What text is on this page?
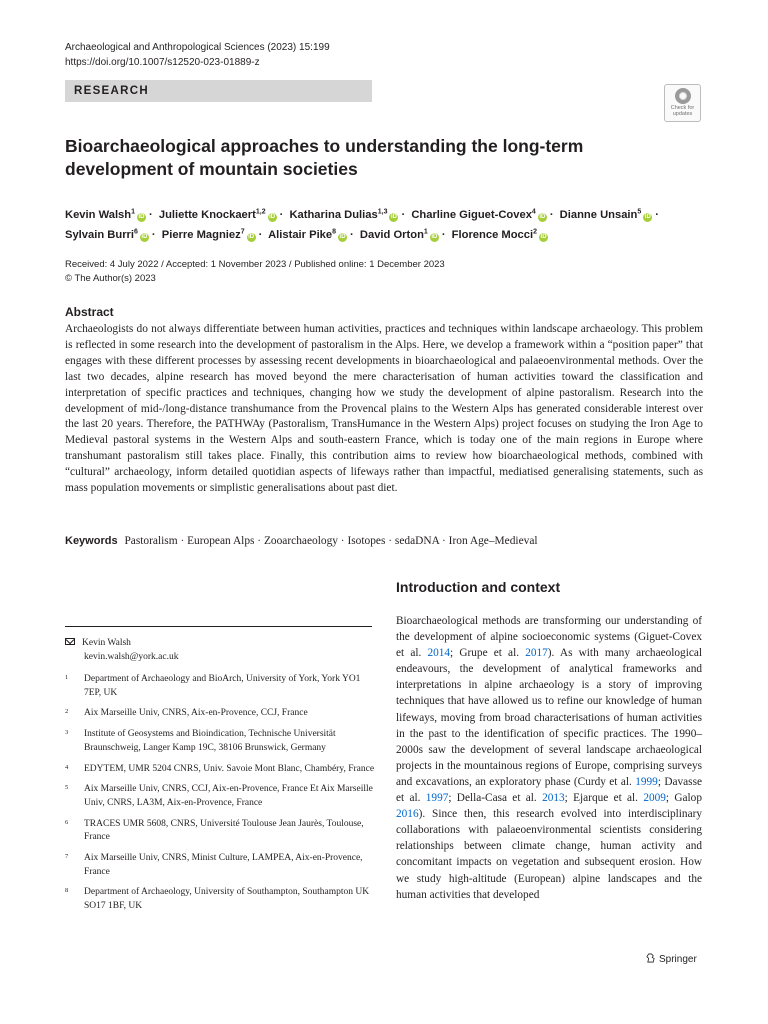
Archaeological and Anthropological Sciences (2023) 15:199
https://doi.org/10.1007/s12520-023-01889-z
RESEARCH
Check for
updates
Bioarchaeological approaches to understanding the long-term development of mountain societies
Kevin Walsh$^1$iD · Juliette Knockaert$^{1,2}$iD · Katharina Dulias$^{1,3}$iD · Charline Giguet-Covex$^4$iD · Dianne Unsain$^5$iD ·
Sylvain Burri$^6$iD · Pierre Magniez$^7$iD · Alistair Pike$^8$iD · David Orton$^1$iD · Florence Mocci$^2$iD
Received: 4 July 2022 / Accepted: 1 November 2023 / Published online: 1 December 2023
© The Author(s) 2023
Abstract
Archaeologists do not always differentiate between human activities, practices and techniques within landscape archaeology. This problem is reflected in some research into the development of pastoralism in the Alps. Here, we develop a framework within a “position paper” that engages with these different processes by assessing recent developments in bioarchaeological and palaeoenvironmental methods. Over the last two decades, alpine research has moved beyond the mere characterisation of human activities toward the classification and interpretation of specific practices and techniques, changing how we study the development of alpine pastoralism. Research into the development of mid-/long-distance transhumance from the Provencal plains to the Western Alps has generated considerable interest over the last 20 years. Therefore, the PATHWAy (Pastoralism, TransHumance in the Western Alps) project focuses on studying the Iron Age to Medieval pastoral systems in the Western Alps and south-eastern France, which is today one of the main regions in Europe where transhumant pastoralism still takes place. Finally, this contribution aims to review how bioarchaeological methods, combined with “cultural” archaeology, inform detailed quotidian aspects of lifeways rather than impactful, mediatised generalising statements, such as mass population movements or simplistic generalisations about past diet.
Keywords Pastoralism · European Alps · Zooarchaeology · Isotopes · sedaDNA · Iron Age–Medieval
Introduction and context
Bioarchaeological methods are transforming our understanding of the development of alpine socioeconomic systems (Giguet-Covex et al. 2014; Grupe et al. 2017). As with many archaeological endeavours, the development of analytical frameworks and interpretations in alpine archaeology is a story of improving techniques that have allowed us to refine our knowledge of human lifeways, moving from broad characterisations of human activities in the past to the identification of specific practices. The 1990–2000s saw the development of several landscape archaeological projects in the mountainous regions of Europe, comprising surveys and excavations, an exploratory phase (Curdy et al. 1999; Davasse et al. 1997; Della-Casa et al. 2013; Ejarque et al. 2009; Galop 2016). Since then, this research evolved into interdisciplinary collaborations with palaeoenvironmental scientists considering relationships between climate change, human activity and concomitant impacts on vegetation and subsequent erosion. How we study high-altitude (European) alpine landscapes and the human activities that developed
Kevin Walsh
kevin.walsh@york.ac.uk
1 Department of Archaeology and BioArch, University of York, York YO1 7EP, UK
2 Aix Marseille Univ, CNRS, Aix-en-Provence, CCJ, France
3 Institute of Geosystems and Bioindication, Technische Universität Braunschweig, Langer Kamp 19C, 38106 Brunswick, Germany
4 EDYTEM, UMR 5204 CNRS, Univ. Savoie Mont Blanc, Chambéry, France
5 Aix Marseille Univ, CNRS, CCJ, Aix-en-Provence, France Et Aix Marseille Univ, CNRS, LA3M, Aix-en-Provence, France
6 TRACES UMR 5608, CNRS, Université Toulouse Jean Jaurès, Toulouse, France
7 Aix Marseille Univ, CNRS, Minist Culture, LAMPEA, Aix-en-Provence, France
8 Department of Archaeology, University of Southampton, Southampton UK SO17 1BF, UK
Springer
